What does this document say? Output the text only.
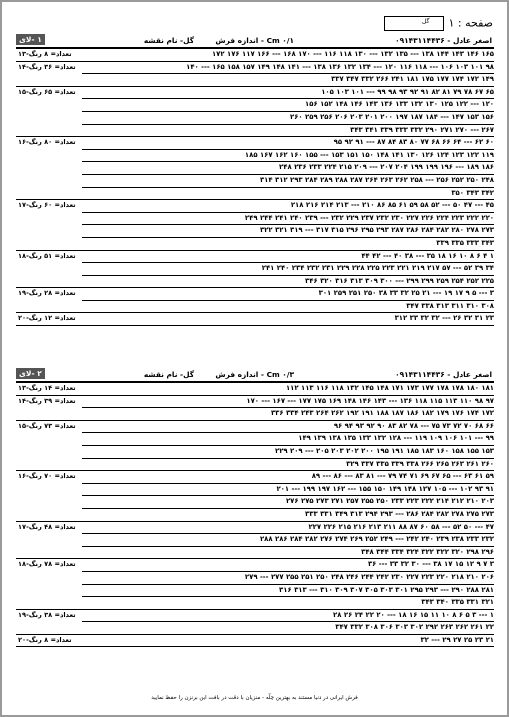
صفحه : ۱
گل
اصغر عادل - ۰۹۱۴۳۱۱۴۴۳۶
۰/۱ Cm - اندازه فرش
گل- نام نقشه
۱ -لای
تعداد= ۸ رنگ-۱۳	۱۶۵ ۱۴۶ ۱۴۳ ۱۴۴ ۱۳۸ --- ۱۳۵ ۱۳۲ --- ۱۳۰ ۱۱۸ ۱۱۶ --- ۱۷۰ ۱۶۸ --- ۱۶۶ ۱۱۷ ۱۷۶ ۱۷۲
تعداد= ۳۶ رنگ-۱۴	۹۸ ۱۰۱ ۱۰۳ ۱۰۶ --- ۱۱۸ ۱۱۶ ۱۲۰ --- ۱۳۴ ۱۳۲ ۱۳۶ ۱۳۸ --- ۱۴۱ ۱۴۸ ۱۴۹ ۱۵۷ ۱۵۸ ۱۶۵ --- ۱۴۰
۱۴۹ ۱۷۲ ۱۷۴ ۱۷۷ ۱۷۵ ۱۸۱ ۲۴۱ ۲۶۶ ۳۳۲ ۳۴۷ ۳۳۷
تعداد= ۶۵ رنگ-۱۵	۶۵ ۶۷ ۷۸ ۷۹ ۸۱ ۸۲ ۹۱ ۹۲ ۹۳ ۹۸ ۹۹ --- ۱۰۱ ۱۰۳ ۱۰۵
۱۲۰ --- ۱۲۲ ۱۲۵ ۱۳۰ ۱۳۲ ۱۳۳ ۱۳۶ ۱۴۳ ۱۴۶ ۱۴۸ ۱۵۲ ۱۵۶
۱۵۶ ۱۵۳ ۱۴۷ --- ۱۸۴ ۱۸۷ ۱۹۷ ۲۰۰ ۲۰۱ ۲۰۳ ۲۰۶ ۲۵۶ ۲۵۹ ۲۶۰
۲۶۷ --- ۲۷۰ ۲۷۱ ۲۹۰ ۳۳۲ ۳۳۳ ۳۳۹ ۳۴۱ ۳۴۳
تعداد= ۸۰ رنگ-۱۶	۶۰ ۶۲ --- ۶۴ ۶۶ ۶۸ ۷۷ ۸۰ ۸۳ ۸۴ ۸۷ --- ۹۱ ۹۲ ۹۵
۱۱۹ ۱۲۲ ۱۲۳ ۱۲۴ ۱۲۶ ۱۳۰ ۱۴۱ ۱۴۸ ۱۵۰ ۱۵۱ ۱۵۳ --- ۱۵۵ ۱۶۰ ۱۶۲ ۱۶۷ ۱۸۵
۱۸۶ ۱۸۹ --- ۱۹۶ ۱۹۹ ۱۹۹ ۲۰۴ ۲۰۷ --- ۲۰۹ ۲۱۵ ۲۲۴ ۲۳۳ ۲۳۶ ۲۴۸
۲۴۸ ۲۵۰ ۲۵۲ ۲۵۶ --- ۲۵۸ ۲۶۲ ۲۶۳ ۲۶۴ ۲۸۷ ۲۸۸ ۲۸۹ ۲۸۴ ۲۹۳ ۳۱۲ ۳۱۴
۳۴۲ ۳۴۳ ۳۵۰
تعداد= ۶۰ رنگ-۱۷	۴۵ --- ۴۷ ۵۰ --- ۵۲ ۵۸ ۵۹ ۶۱ ۸۵ ۸۶ ۲۱۰ --- ۲۱۳ ۲۱۴ ۲۱۶ ۲۱۸
۲۲۰ ۲۲۲ ۲۲۳ ۲۲۴ ۲۲۶ ۲۲۷ ۲۳۰ ۲۳۲ ۲۳۷ ۲۲۹ ۲۳۲ --- ۲۳۹ ۲۴۰ ۲۴۱ ۲۴۴ ۲۴۹
۲۷۳ ۲۷۸ ۲۸۰ ۲۸۲ ۲۸۴ ۲۸۶ ۲۸۷ ۲۹۳ ۲۹۵ ۲۹۶ ۳۱۵ ۳۱۷ --- ۳۱۹ ۳۲۱ ۳۲۲
۳۴۳ ۳۳۳ ۳۳۵ ۳۳۹
تعداد= ۵۱ رنگ-۱۸	۱ ۴ ۶ ۸ ۱۰ ۱۶ ۱۸ ۳۵ --- ۳۸ ۴۰ --- ۴۲ ۴۴
۳۴ ۳۹ ۵۲ --- ۵۷ ۲۱۷ ۲۱۹ ۲۲۱ ۲۲۳ ۲۲۵ ۲۲۸ ۲۲۹ ۲۳۱ ۲۳۲ ۲۳۴ ۲۴۰ ۲۴۱
۲۲۵ ۲۵۲ ۲۵۴ ۲۵۹ ۲۹۹ ۲۹۹ --- ۳۰۰ ۳۰۹ ۳۱۳ ۳۱۶ ۳۲۰ ۳۴۶
تعداد= ۲۸ رنگ-۱۹	۳ --- ۵ ۹ ۱۷ ۱۹ --- ۲۱ ۲۵ ۳۲ ۳۳ ۳۸ ۲۵۰ ۲۵۱ ۲۵۹ ۳۰۱
۳۰۸ ۳۱۰ ۳۱۱ ۳۱۳ ۳۳۸ ۳۴۷
تعداد= ۱۲ رنگ-۲۰	۲۳ ۳۱ ۳۲ ۲۶ --- ۳۲ ۳۲ ۳۳ ۳۱۲
اصغر عادل - ۰۹۱۴۳۱۱۴۴۳۶
۰/۳ Cm - اندازه فرش
گل- نام نقشه
۲ -لای
تعداد= ۱۴ رنگ-۱۳	۱۸۱ ۱۸۰ ۱۷۸ ۱۷۸ ۱۷۷ ۱۷۳ ۱۷۱ ۱۴۸ ۱۴۵ ۱۳۲ ۱۱۸ ۱۱۶ ۱۱۳ ۱۱۲
تعداد= ۳۹ رنگ-۱۴	۹۷ ۹۸ ۱۱۰ ۱۱۳ ۱۱۵ ۱۱۸ ۱۳۶ --- ۱۴۳ ۱۴۶ ۱۴۸ ۱۶۹ ۱۷۵ ۱۷۷ --- ۱۶۷ --- ۱۷۰
۱۷۲ ۱۷۴ ۱۷۶ ۱۷۹ ۱۸۲ ۱۸۶ ۱۸۷ ۱۸۸ ۱۹۱ ۱۹۲ ۲۶۲ ۲۶۴ ۲۴۳ ۳۳۴ ۳۳۶
تعداد= ۷۳ رنگ-۱۵	۶۶ ۶۸ ۷۰ ۷۲ ۷۳ ۷۵ --- ۷۸ ۸۲ ۸۳ ۹۰ ۹۲ ۹۳ ۹۴ ۹۶
۹۹ --- ۱۰۱ ۱۰۶ ۱۰۹ ۱۱۹ --- ۱۲۸ ۱۳۲ ۱۳۳ ۱۳۵ ۱۳۸ ۱۳۹ ۱۴۹
۱۵۳ ۱۵۵ ۱۵۸ ۱۶۰ ۱۸۳ ۱۸۵ ۱۹۱ ۱۹۵ ۲۰۰ ۲۰۲ ۲۰۳ ۲۰۵ --- ۲۰۹ ۲۲۹
۲۶۰ ۲۶۱ ۲۶۳ ۲۶۵ ۲۶۶ ۳۳۸ ۳۳۹ ۳۳۵ ۳۳۷ ۳۲۹
تعداد= ۷۰ رنگ-۱۶	۵۹ ۶۱ ۶۳ --- ۶۵ ۶۷ ۶۹ ۷۱ ۷۴ ۷۹ --- ۸۱ ۸۳ --- ۸۶ --- ۸۹
۹۱ ۹۳ ۱۰۲ --- ۱۰۵ ۱۲۷ ۱۴۸ ۱۴۹ ۱۵۰ ۱۵۵ --- ۱۶۲ ۱۹۷ ۱۹۹ --- ۲۰۱
۲۰۳ ۲۱۰ ۲۱۲ ۲۱۴ ۲۲۲ ۲۲۳ ۲۳۳ ۲۵۰ ۲۵۵ ۲۵۷ ۲۷۱ ۲۷۳ ۲۷۵ ۲۷۶
۲۷۳ ۲۷۵ ۲۷۸ ۲۸۲ ۲۸۴ ۲۸۶ --- ۲۹۳ ۲۹۴ ۳۱۳ ۳۴۹ ۳۳۱ ۳۳۳
تعداد= ۴۸ رنگ-۱۷	۴۷ --- ۵۰ ۵۲ --- ۵۸ ۶۰ ۸۷ ۸۸ ۲۱۱ ۲۱۳ ۲۱۶ ۲۱۵ ۲۲۶ ۲۲۷
۲۳۲ ۲۳۳ ۲۳۸ ۲۳۹ ۲۴۰ ۲۴۲ --- ۲۴۹ ۲۵۲ ۲۶۹ ۲۷۴ ۲۷۶ ۲۸۲ ۲۸۴ ۲۸۶ ۲۸۸
۲۹۶ ۲۹۸ ۳۲۰ ۳۲۲ ۳۲۲ ۳۲۴ ۳۳۴ ۳۴۴ ۳۴۸
تعداد= ۷۸ رنگ-۱۸	۳ ۷ ۹ ۱۲ ۱۵ ۱۷ ۳۸ --- ۳۰ ۳۲ ۳۳ --- ۳۶
۲۰۶ ۲۱۰ ۲۱۸ ۲۲۰ ۲۲۳ ۲۲۷ ۲۳۰ ۲۴۲ ۲۴۴ ۲۴۶ ۲۴۸ ۲۵۰ ۲۵۱ ۲۵۵ ۲۷۷ --- ۲۷۹
۲۸۱ ۲۸۸ ۲۹۰ --- ۲۹۳ ۲۹۵ ۳۰۱ ۳۰۳ ۳۰۵ ۳۰۷ ۳۰۹ ۳۱۰ --- ۳۱۳ ۳۱۶
۳۲۱ ۳۳۱ ۳۳۵ ۳۴۰ ۳۴۳
تعداد= ۳۸ رنگ-۱۹	۱ --- ۳ ۵ ۶ ۸ ۱۰ ۱۱ ۱۵ ۱۶ ۱۸ --- ۲۰ ۲۲ ۲۴ ۲۶ ۲۸
۲۲ ۲۶۱ ۲۶۲ ۲۶۳ ۲۹۲ ۳۰۲ ۳۰۳ ۳۰۶ ۳۰۸ ۳۳۲ ۳۴۷
تعداد= ۸ رنگ-۲۰	۲۱ ۲۳ ۲۵ ۲۷ ۲۹ --- ۳۲
فرش ایرانی در دنیا مستند به بهترین چلّه - منزیان با دقت در بافت این برنزن را حفظ نمایید
